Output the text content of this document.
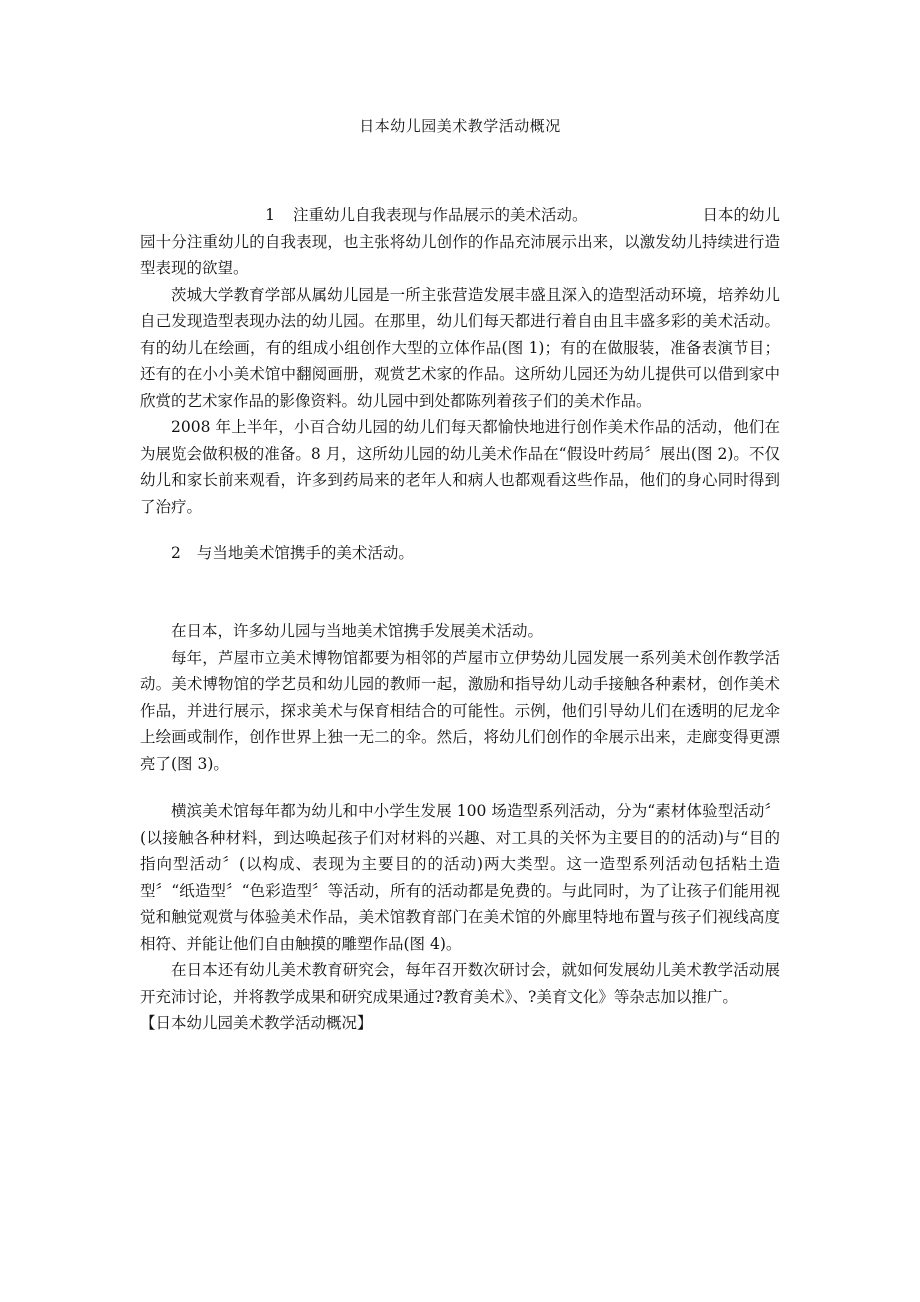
日本幼儿园美术教学活动概况
1	注重幼儿自我表现与作品展示的美术活动。	日本的幼儿

园十分注重幼儿的自我表现，也主张将幼儿创作的作品充沛展示出来，以激发幼儿持续进行造型表现的欲望。

茨城大学教育学部从属幼儿园是一所主张营造发展丰盛且深入的造型活动环境，培养幼儿自己发现造型表现办法的幼儿园。在那里，幼儿们每天都进行着自由且丰盛多彩的美术活动。有的幼儿在绘画，有的组成小组创作大型的立体作品(图 1)；有的在做服装，准备表演节目；还有的在小小美术馆中翻阅画册，观赏艺术家的作品。这所幼儿园还为幼儿提供可以借到家中欣赏的艺术家作品的影像资料。幼儿园中到处都陈列着孩子们的美术作品。

2008 年上半年，小百合幼儿园的幼儿们每天都愉快地进行创作美术作品的活动，他们在为展览会做积极的准备。8 月，这所幼儿园的幼儿美术作品在“假设叶药局〞展出(图 2)。不仅幼儿和家长前来观看，许多到药局来的老年人和病人也都观看这些作品，他们的身心同时得到了治疗。

2 与当地美术馆携手的美术活动。

在日本，许多幼儿园与当地美术馆携手发展美术活动。

每年，芦屋市立美术博物馆都要为相邻的芦屋市立伊势幼儿园发展一系列美术创作教学活动。美术博物馆的学艺员和幼儿园的教师一起，激励和指导幼儿动手接触各种素材，创作美术作品，并进行展示，探求美术与保育相结合的可能性。示例，他们引导幼儿们在透明的尼龙伞上绘画或制作，创作世界上独一无二的伞。然后，将幼儿们创作的伞展示出来，走廊变得更漂亮了(图 3)。

横滨美术馆每年都为幼儿和中小学生发展 100 场造型系列活动，分为“素材体验型活动〞(以接触各种材料，到达唤起孩子们对材料的兴趣、对工具的关怀为主要目的的活动)与“目的指向型活动〞(以构成、表现为主要目的的活动)两大类型。这一造型系列活动包括粘土造型〞“纸造型〞“色彩造型〞等活动，所有的活动都是免费的。与此同时，为了让孩子们能用视觉和触觉观赏与体验美术作品，美术馆教育部门在美术馆的外廊里特地布置与孩子们视线高度相符、并能让他们自由触摸的雕塑作品(图 4)。

在日本还有幼儿美术教育研究会，每年召开数次研讨会，就如何发展幼儿美术教学活动展开充沛讨论，并将教学成果和研究成果通过?教育美术》、?美育文化》等杂志加以推广。

【日本幼儿园美术教学活动概况】
